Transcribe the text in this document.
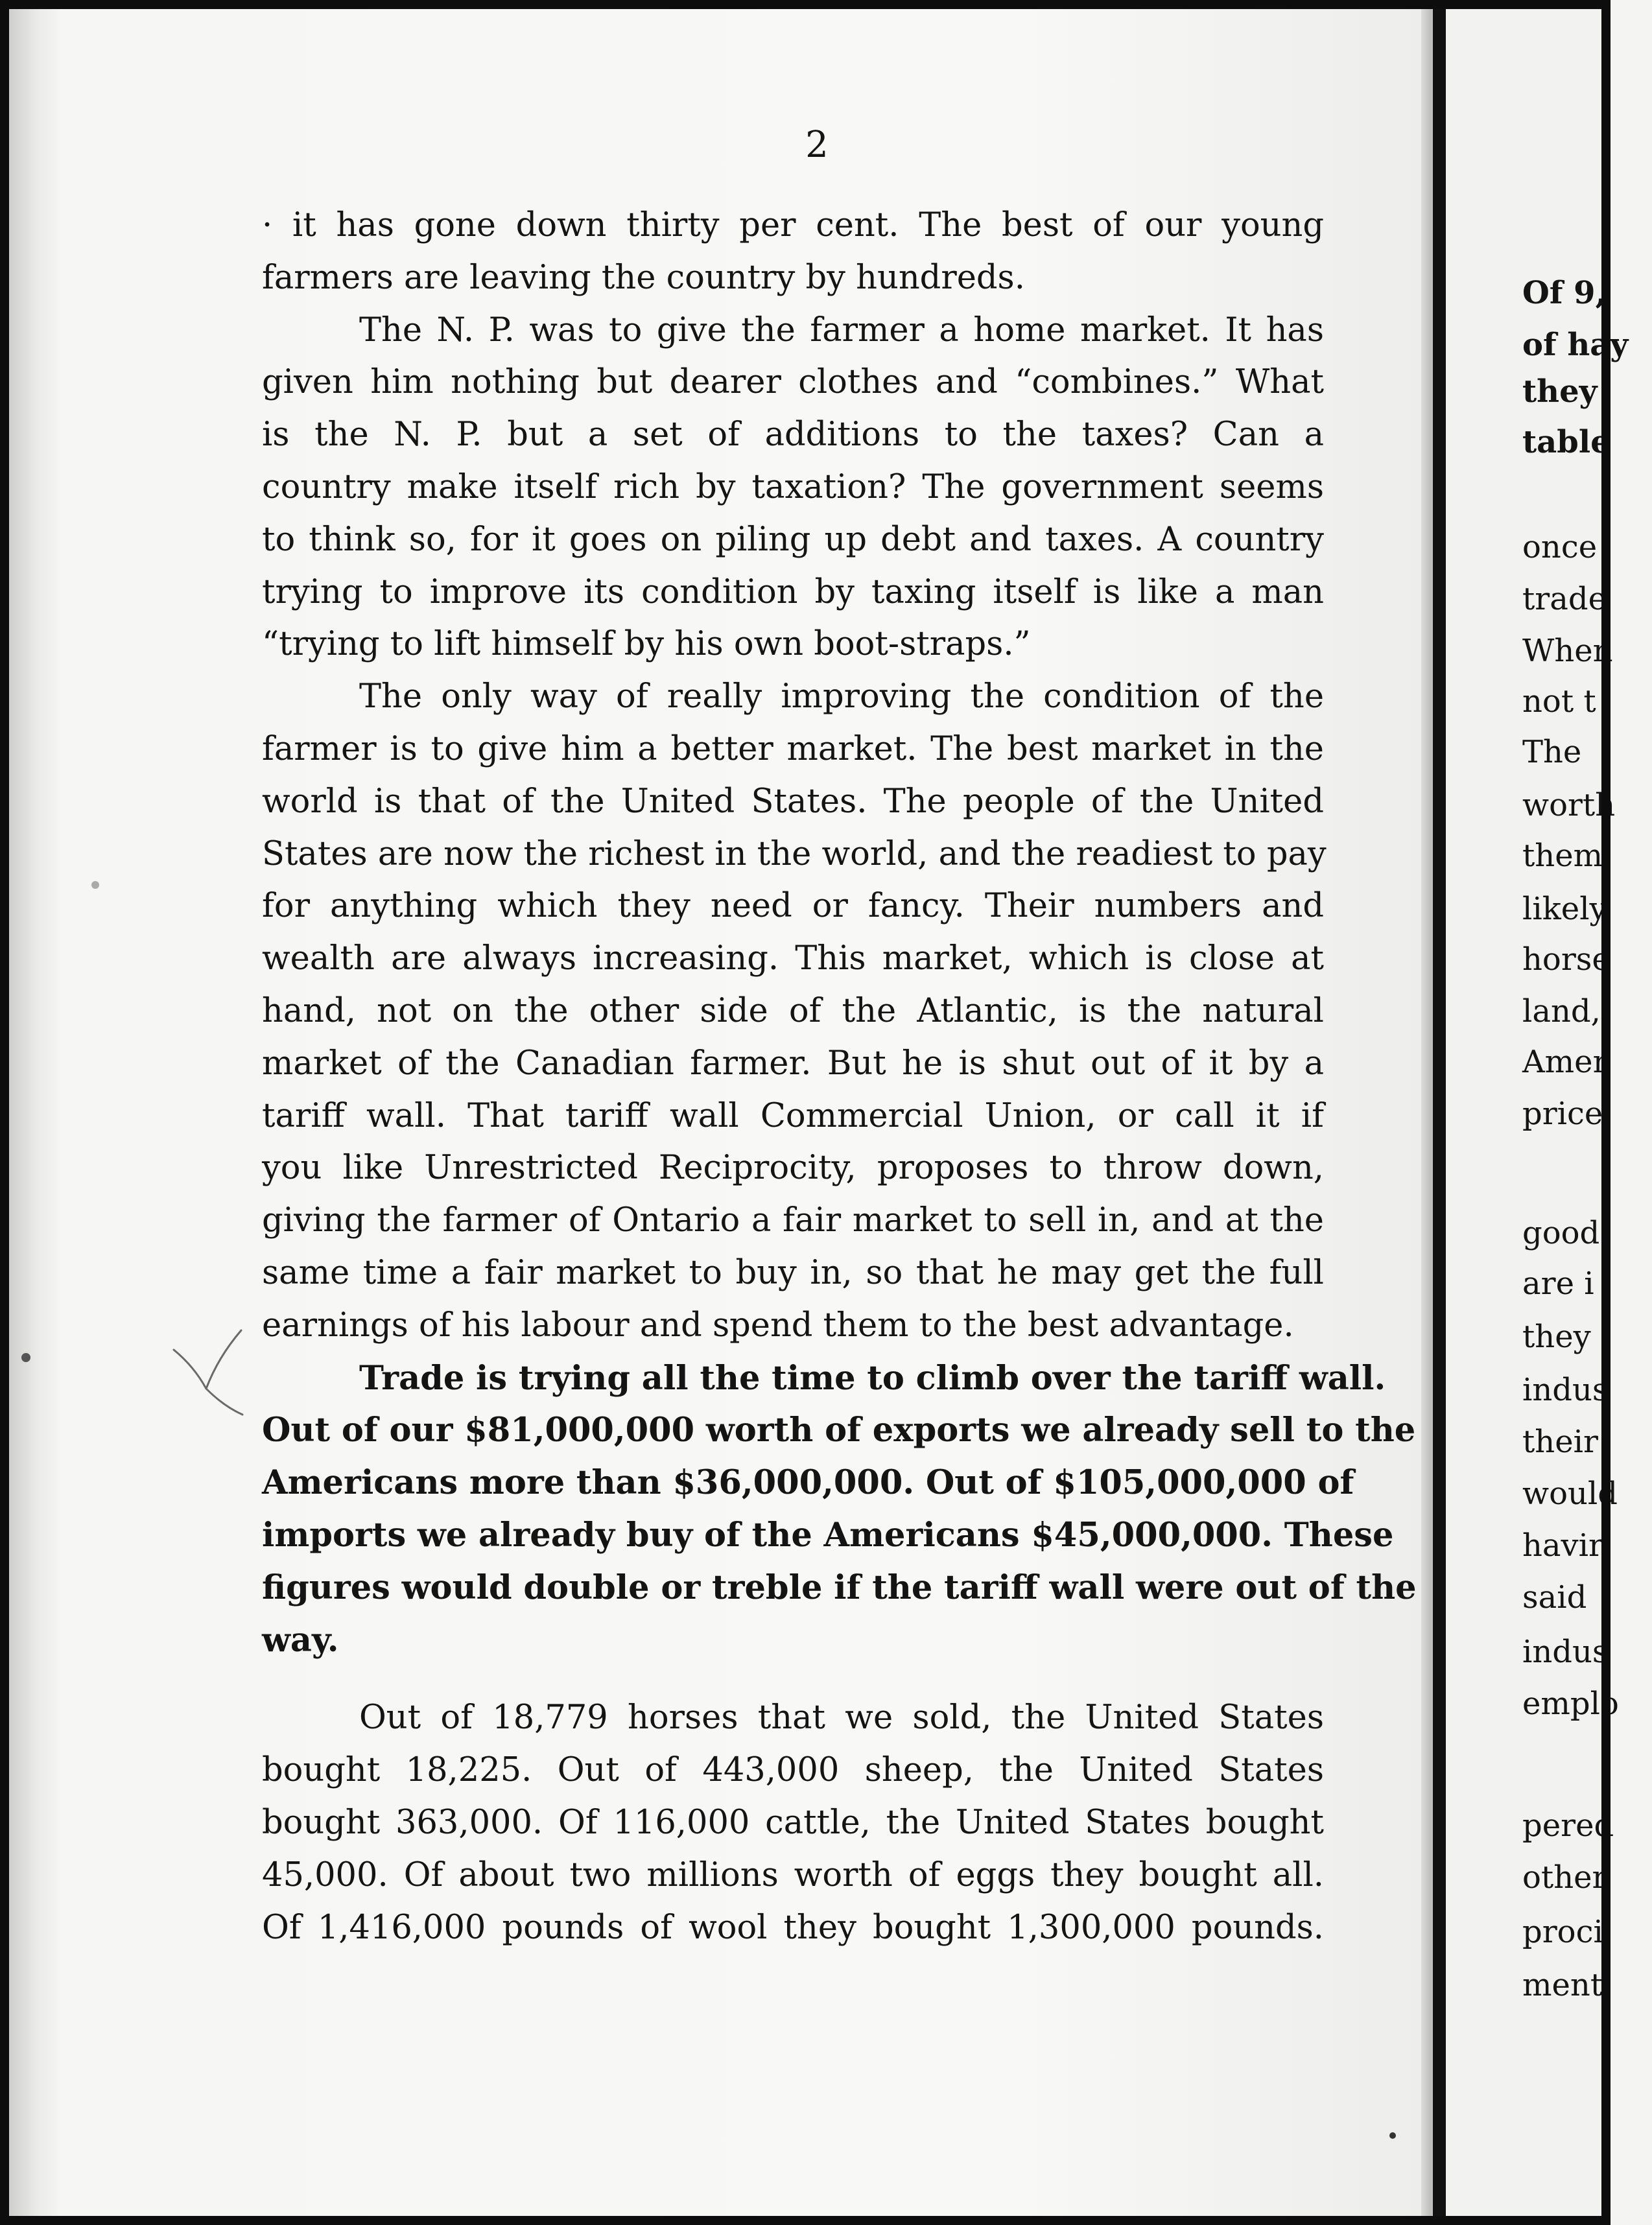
2
· it has gone down thirty per cent. The best of our young
farmers are leaving the country by hundreds.
The N. P. was to give the farmer a home market. It has
given him nothing but dearer clothes and “combines.” What
is the N. P. but a set of additions to the taxes? Can a
country make itself rich by taxation? The government seems
to think so, for it goes on piling up debt and taxes. A country
trying to improve its condition by taxing itself is like a man
“trying to lift himself by his own boot-straps.”
The only way of really improving the condition of the
farmer is to give him a better market. The best market in the
world is that of the United States. The people of the United
States are now the richest in the world, and the readiest to pay
for anything which they need or fancy. Their numbers and
wealth are always increasing. This market, which is close at
hand, not on the other side of the Atlantic, is the natural
market of the Canadian farmer. But he is shut out of it by a
tariff wall. That tariff wall Commercial Union, or call it if
you like Unrestricted Reciprocity, proposes to throw down,
giving the farmer of Ontario a fair market to sell in, and at the
same time a fair market to buy in, so that he may get the full
earnings of his labour and spend them to the best advantage.
Trade is trying all the time to climb over the tariff wall.
Out of our $81,000,000 worth of exports we already sell to the
Americans more than $36,000,000. Out of $105,000,000 of
imports we already buy of the Americans $45,000,000. These
figures would double or treble if the tariff wall were out of the
way.
Out of 18,779 horses that we sold, the United States
bought 18,225. Out of 443,000 sheep, the United States
bought 363,000. Of 116,000 cattle, the United States bought
45,000. Of about two millions worth of eggs they bought all.
Of 1,416,000 pounds of wool they bought 1,300,000 pounds.
Of 9,
of hay
they
table
once
trade
When
not t
The
worth
them.
likely
horse
land,
Amer
price
good
are i
they
indus
their
would
havir
said
indus
emplo
pered
other
proci
ment
